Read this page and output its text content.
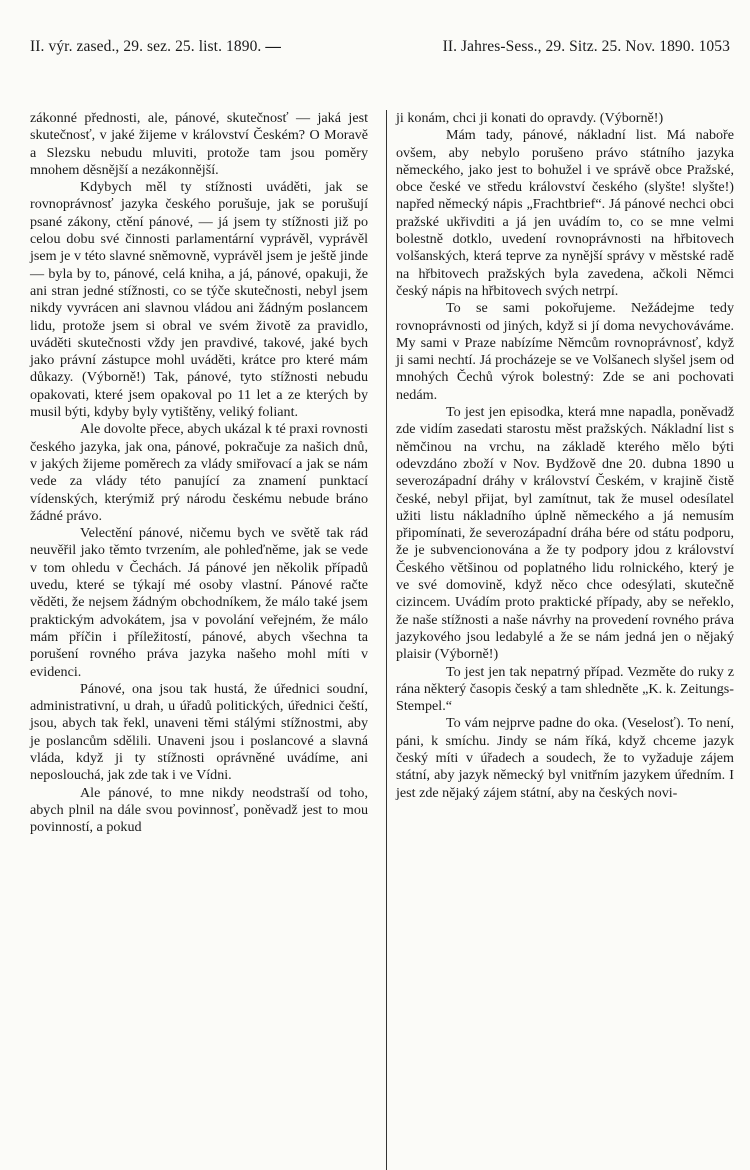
II. výr. zased., 29. sez. 25. list. 1890. —	II. Jahres-Sess., 29. Sitz. 25. Nov. 1890. 1053

zákonné přednosti, ale, pánové, skutečnosť — jaká jest skutečnosť, v jaké žijeme v království Českém? O Moravě a Slezsku nebudu mluviti, protože tam jsou poměry mnohem děsnější a nezákonnější.

Kdybych měl ty stížnosti uváděti, jak se rovnoprávnosť jazyka českého porušuje, jak se porušují psané zákony, ctění pánové, — já jsem ty stížnosti již po celou dobu své činnosti parlamentární vyprávěl, vyprávěl jsem je v této slavné sněmovně, vyprávěl jsem je ještě jinde — byla by to, pánové, celá kniha, a já, pánové, opakuji, že ani stran jedné stížnosti, co se týče skutečnosti, nebyl jsem nikdy vyvrácen ani slavnou vládou ani žádným poslancem lidu, protože jsem si obral ve svém životě za pravidlo, uváděti skutečnosti vždy jen pravdivé, takové, jaké bych jako právní zástupce mohl uváděti, krátce pro které mám důkazy. (Výborně!) Tak, pánové, tyto stížnosti nebudu opakovati, které jsem opakoval po 11 let a ze kterých by musil býti, kdyby byly vytištěny, veliký foliant.

Ale dovolte přece, abych ukázal k té praxi rovnosti českého jazyka, jak ona, pánové, pokračuje za našich dnů, v jakých žijeme poměrech za vlády smiřovací a jak se nám vede za vlády této panující za znamení punktací vídenských, kterýmiž prý národu českému nebude bráno žádné právo.

Velectění pánové, ničemu bych ve světě tak rád neuvěřil jako těmto tvrzením, ale pohleďněme, jak se vede v tom ohledu v Čechách. Já pánové jen několik případů uvedu, které se týkají mé osoby vlastní. Pánové račte věděti, že nejsem žádným obchodníkem, že málo také jsem praktickým advokátem, jsa v povolání veřejném, že málo mám příčin i příležitostí, pánové, abych všechna ta porušení rovného práva jazyka našeho mohl míti v evidenci.

Pánové, ona jsou tak hustá, že úřednici soudní, administrativní, u drah, u úřadů politických, úřednici čeští, jsou, abych tak řekl, unaveni těmi stálými stížnostmi, aby je poslancům sdělili. Unaveni jsou i poslancové a slavná vláda, když ji ty stížnosti oprávněné uvádíme, ani neposlouchá, jak zde tak i ve Vídni.

Ale pánové, to mne nikdy neodstraší od toho, abych plnil na dále svou povinnosť, poněvadž jest to mou povinností, a pokud

ji konám, chci ji konati do opravdy. (Výborně!)

Mám tady, pánové, nákladní list. Má naboře ovšem, aby nebylo porušeno právo státního jazyka německého, jako jest to bohužel i ve správě obce Pražské, obce české ve středu království českého (slyšte! slyšte!) napřed německý nápis „Frachtbrief“. Já pánové nechci obci pražské ukřivditi a já jen uvádím to, co se mne velmi bolestně dotklo, uvedení rovnoprávnosti na hřbitovech volšanských, která teprve za nynější správy v městské radě na hřbitovech pražských byla zavedena, ačkoli Němci český nápis na hřbitovech svých netrpí.

To se sami pokořujeme. Nežádejme tedy rovnoprávnosti od jiných, když si jí doma nevychováváme. My sami v Praze nabízíme Němcům rovnoprávnosť, když ji sami nechtí. Já procházeje se ve Volšanech slyšel jsem od mnohých Čechů výrok bolestný: Zde se ani pochovati nedám.

To jest jen episodka, která mne napadla, poněvadž zde vidím zasedati starostu měst pražských. Nákladní list s němčinou na vrchu, na základě kterého mělo býti odevzdáno zboží v Nov. Bydžově dne 20. dubna 1890 u severozápadní dráhy v království Českém, v krajině čistě české, nebyl přijat, byl zamítnut, tak že musel odesílatel užiti listu nákladního úplně německého a já nemusím připomínati, že severozápadní dráha bére od státu podporu, že je subvencionována a že ty podpory jdou z království Českého většinou od poplatného lidu rolnického, který je ve své domovině, když něco chce odesýlati, skutečně cizincem. Uvádím proto praktické případy, aby se neřeklo, že naše stížnosti a naše návrhy na provedení rovného práva jazykového jsou ledabylé a že se nám jedná jen o nějaký plaisir (Výborně!)

To jest jen tak nepatrný případ. Vezměte do ruky z rána některý časopis český a tam shledněte „K. k. Zeitungs-Stempel.“

To vám nejprve padne do oka. (Veselosť). To není, páni, k smíchu. Jindy se nám říká, když chceme jazyk český míti v úřadech a soudech, že to vyžaduje zájem státní, aby jazyk německý byl vnitřním jazykem úředním. I jest zde nějaký zájem státní, aby na českých novi-
